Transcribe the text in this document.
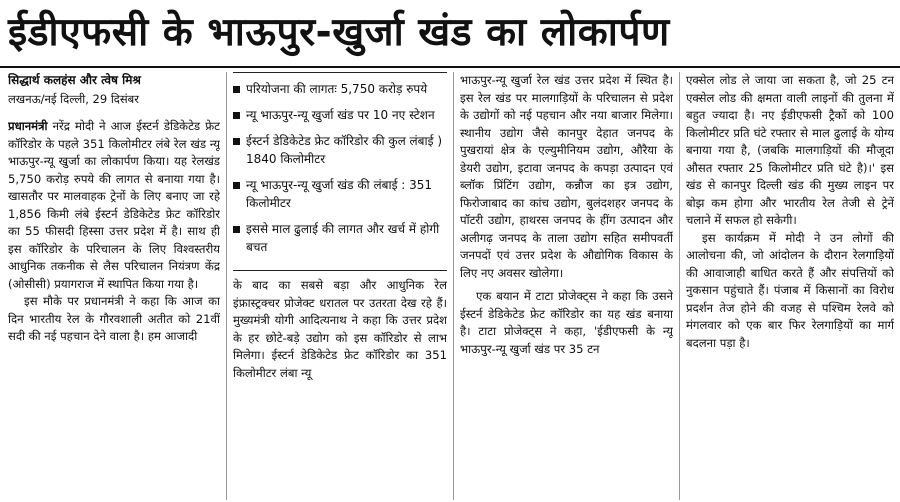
ईडीएफसी के भाऊपुर-खुर्जा खंड का लोकार्पण

सिद्धार्थ कलहंस और त्वेष मिश्र

लखनऊ/नई दिल्ली, 29 दिसंबर

प्रधानमंत्री नरेंद्र मोदी ने आज ईस्टर्न डेडिकेटेड फ्रेट कॉरिडोर के पहले 351 किलोमीटर लंबे रेल खंड न्यू भाऊपुर-न्यू खुर्जा का लोकार्पण किया। यह रेलखंड 5,750 करोड़ रुपये की लागत से बनाया गया है। खासतौर पर मालवाहक ट्रेनों के लिए बनाए जा रहे 1,856 किमी लंबे ईस्टर्न डेडिकेटेड फ्रेट कॉरिडोर का 55 फीसदी हिस्सा उत्तर प्रदेश में है। साथ ही इस कॉरिडोर के परिचालन के लिए विश्वस्तरीय आधुनिक तकनीक से लैस परिचालन नियंत्रण केंद्र (ओसीसी) प्रयागराज में स्थापित किया गया है।

इस मौके पर प्रधानमंत्री ने कहा कि आज का दिन भारतीय रेल के गौरवशाली अतीत को 21वीं सदी की नई पहचान देने वाला है। हम आजादी

परियोजना की लागतः 5,750 करोड़ रुपये
न्यू भाऊपुर-न्यू खुर्जा खंड पर 10 नए स्टेशन
ईस्टर्न डेडिकेटेड फ्रेट कॉरिडोर की कुल लंबाई ) 1840 किलोमीटर
न्यू भाऊपुर-न्यू खुर्जा खंड की लंबाई : 351 किलोमीटर
इससे माल ढुलाई की लागत और खर्च में होगी बचत

के बाद का सबसे बड़ा और आधुनिक रेल इंफ्रास्ट्रक्चर प्रोजेक्ट धरातल पर उतरता देख रहे हैं। मुख्यमंत्री योगी आदित्यनाथ ने कहा कि उत्तर प्रदेश के हर छोटे-बड़े उद्योग को इस कॉरिडोर से लाभ मिलेगा। ईस्टर्न डेडिकेटेड फ्रेट कॉरिडोर का 351 किलोमीटर लंबा न्यू

भाऊपुर-न्यू खुर्जा रेल खंड उत्तर प्रदेश में स्थित है। इस रेल खंड पर मालगाड़ियों के परिचालन से प्रदेश के उद्योगों को नई पहचान और नया बाजार मिलेगा। स्थानीय उद्योग जैसे कानपुर देहात जनपद के पुखरायां क्षेत्र के एल्युमीनियम उद्योग, औरैया के डेयरी उद्योग, इटावा जनपद के कपड़ा उत्पादन एवं ब्लॉक प्रिंटिंग उद्योग, कन्नौज का इत्र उद्योग, फिरोजाबाद का कांच उद्योग, बुलंदशहर जनपद के पॉटरी उद्योग, हाथरस जनपद के हींग उत्पादन और अलीगढ़ जनपद के ताला उद्योग सहित समीपवर्ती जनपदों एवं उत्तर प्रदेश के औद्योगिक विकास के लिए नए अवसर खोलेगा।

एक बयान में टाटा प्रोजेक्ट्स ने कहा कि उसने ईस्टर्न डेडिकेटेड फ्रेट कॉरिडोर का यह खंड बनाया है। टाटा प्रोजेक्ट्स ने कहा, 'ईडीएफसी के न्यू भाऊपुर-न्यू खुर्जा खंड पर 35 टन

एक्सेल लोड ले जाया जा सकता है, जो 25 टन एक्सेल लोड की क्षमता वाली लाइनों की तुलना में बहुत ज्यादा है। नए ईडीएफसी ट्रैकों को 100 किलोमीटर प्रति घंटे रफ्तार से माल ढुलाई के योग्य बनाया गया है, (जबकि मालगाड़ियों की मौजूदा औसत रफ्तार 25 किलोमीटर प्रति घंटे है)।' इस खंड से कानपुर दिल्ली खंड की मुख्य लाइन पर बोझ कम होगा और भारतीय रेल तेजी से ट्रेनें चलाने में सफल हो सकेगी।

इस कार्यक्रम में मोदी ने उन लोगों की आलोचना की, जो आंदोलन के दौरान रेलगाड़ियों की आवाजाही बाधित करते हैं और संपत्तियों को नुकसान पहुंचाते हैं। पंजाब में किसानों का विरोध प्रदर्शन तेज होने की वजह से पश्चिम रेलवे को मंगलवार को एक बार फिर रेलगाड़ियों का मार्ग बदलना पड़ा है।
